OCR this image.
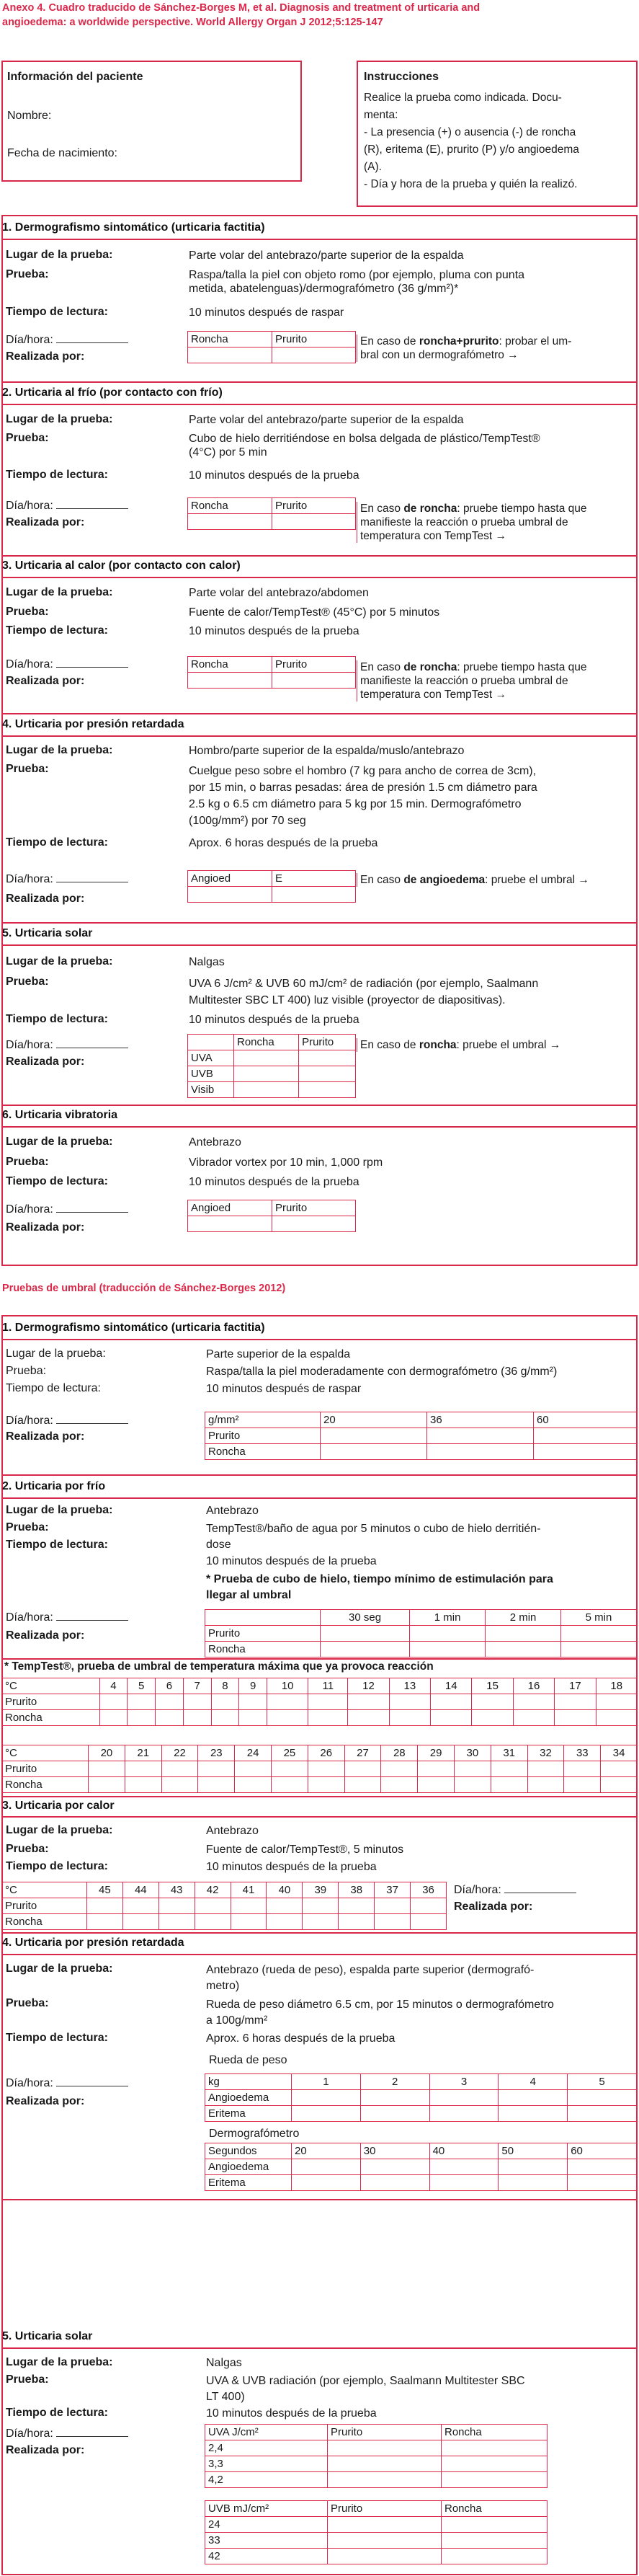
Anexo 4. Cuadro traducido de Sánchez-Borges M, et al. Diagnosis and treatment of urticaria and
angioedema: a worldwide perspective. World Allergy Organ J 2012;5:125-147
Información del paciente
Nombre:
Fecha de nacimiento:
Instrucciones
Realice la prueba como indicada. Docu-
menta:
- La presencia (+) o ausencia (-) de roncha
(R), eritema (E), prurito (P) y/o angioedema
(A).
- Día y hora de la prueba y quién la realizó.
1. Dermografismo sintomático (urticaria factitia)
Lugar de la prueba:	Parte volar del antebrazo/parte superior de la espalda
Prueba:	Raspa/talla la piel con objeto romo (por ejemplo, pluma con punta
metida, abatelenguas)/dermografómetro (36 g/mm²)*
Tiempo de lectura:	10 minutos después de raspar
Día/hora:
Realizada por:
Roncha	Prurito
		En caso de roncha+prurito: probar el um-
bral con un dermografómetro →
2. Urticaria al frío (por contacto con frío)
Lugar de la prueba:	Parte volar del antebrazo/parte superior de la espalda
Prueba:	Cubo de hielo derritiéndose en bolsa delgada de plástico/TempTest®
(4°C) por 5 min
Tiempo de lectura:	10 minutos después de la prueba
Día/hora:
Realizada por:
Roncha	Prurito
		En caso de roncha: pruebe tiempo hasta que
manifieste la reacción o prueba umbral de
temperatura con TempTest →
3. Urticaria al calor (por contacto con calor)
Lugar de la prueba:	Parte volar del antebrazo/abdomen
Prueba:	Fuente de calor/TempTest® (45°C) por 5 minutos
Tiempo de lectura:	10 minutos después de la prueba
Día/hora:
Realizada por:
Roncha	Prurito
		En caso de roncha: pruebe tiempo hasta que
manifieste la reacción o prueba umbral de
temperatura con TempTest →
4. Urticaria por presión retardada
Lugar de la prueba:	Hombro/parte superior de la espalda/muslo/antebrazo
Prueba:	Cuelgue peso sobre el hombro (7 kg para ancho de correa de 3cm),
por 15 min, o barras pesadas: área de presión 1.5 cm diámetro para
2.5 kg o 6.5 cm diámetro para 5 kg por 15 min. Dermografómetro
(100g/mm²) por 70 seg
Tiempo de lectura:	Aprox. 6 horas después de la prueba
Día/hora:
Realizada por:
Angioed	E
		En caso de angioedema: pruebe el umbral →
5. Urticaria solar
Lugar de la prueba:	Nalgas
Prueba:	UVA 6 J/cm² & UVB 60 mJ/cm² de radiación (por ejemplo, Saalmann
Multitester SBC LT 400) luz visible (proyector de diapositivas).
Tiempo de lectura:	10 minutos después de la prueba
Día/hora:
Realizada por:
	Roncha	Prurito
UVA		
UVB		
Visib		
En caso de roncha: pruebe el umbral →
6. Urticaria vibratoria
Lugar de la prueba:	Antebrazo
Prueba:	Vibrador vortex por 10 min, 1,000 rpm
Tiempo de lectura:	10 minutos después de la prueba
Día/hora:
Realizada por:
Angioed	Prurito

Pruebas de umbral (traducción de Sánchez-Borges 2012)
1. Dermografismo sintomático (urticaria factitia)
Lugar de la prueba:	Parte superior de la espalda
Prueba:	Raspa/talla la piel moderadamente con dermografómetro (36 g/mm²)
Tiempo de lectura:	10 minutos después de raspar
Día/hora:
Realizada por:
g/mm²	20	36	60
Prurito			
Roncha			
2. Urticaria por frío
Lugar de la prueba:	Antebrazo
Prueba:	TempTest®/baño de agua por 5 minutos o cubo de hielo derritién-
dose
Tiempo de lectura:
10 minutos después de la prueba
* Prueba de cubo de hielo, tiempo mínimo de estimulación para
llegar al umbral
Día/hora:
Realizada por:
	30 seg	1 min	2 min	5 min
Prurito				
Roncha				
* TempTest®, prueba de umbral de temperatura máxima que ya provoca reacción
°C	4	5	6	7	8	9	10	11	12	13	14	15	16	17	18
Prurito															
Roncha															
°C	20	21	22	23	24	25	26	27	28	29	30	31	32	33	34
Prurito															
Roncha															
3. Urticaria por calor
Lugar de la prueba:	Antebrazo
Prueba:	Fuente de calor/TempTest®, 5 minutos
Tiempo de lectura:	10 minutos después de la prueba
°C	45	44	43	42	41	40	39	38	37	36
Prurito										
Roncha										
Día/hora:
Realizada por:
4. Urticaria por presión retardada
Lugar de la prueba:	Antebrazo (rueda de peso), espalda parte superior (dermografó-
metro)
Prueba:	Rueda de peso diámetro 6.5 cm, por 15 minutos o dermografómetro
a 100g/mm²
Tiempo de lectura:	Aprox. 6 horas después de la prueba
Rueda de peso
Día/hora:
Realizada por:
kg	1	2	3	4	5
Angioedema					
Eritema					
Dermografómetro
Segundos	20	30	40	50	60
Angioedema					
Eritema					
5. Urticaria solar
Lugar de la prueba:	Nalgas
Prueba:	UVA & UVB radiación (por ejemplo, Saalmann Multitester SBC
LT 400)
Tiempo de lectura:	10 minutos después de la prueba
Día/hora:
Realizada por:
UVA J/cm²	Prurito	Roncha
2,4		
3,3		
4,2		
UVB mJ/cm²	Prurito	Roncha
24		
33		
42		
